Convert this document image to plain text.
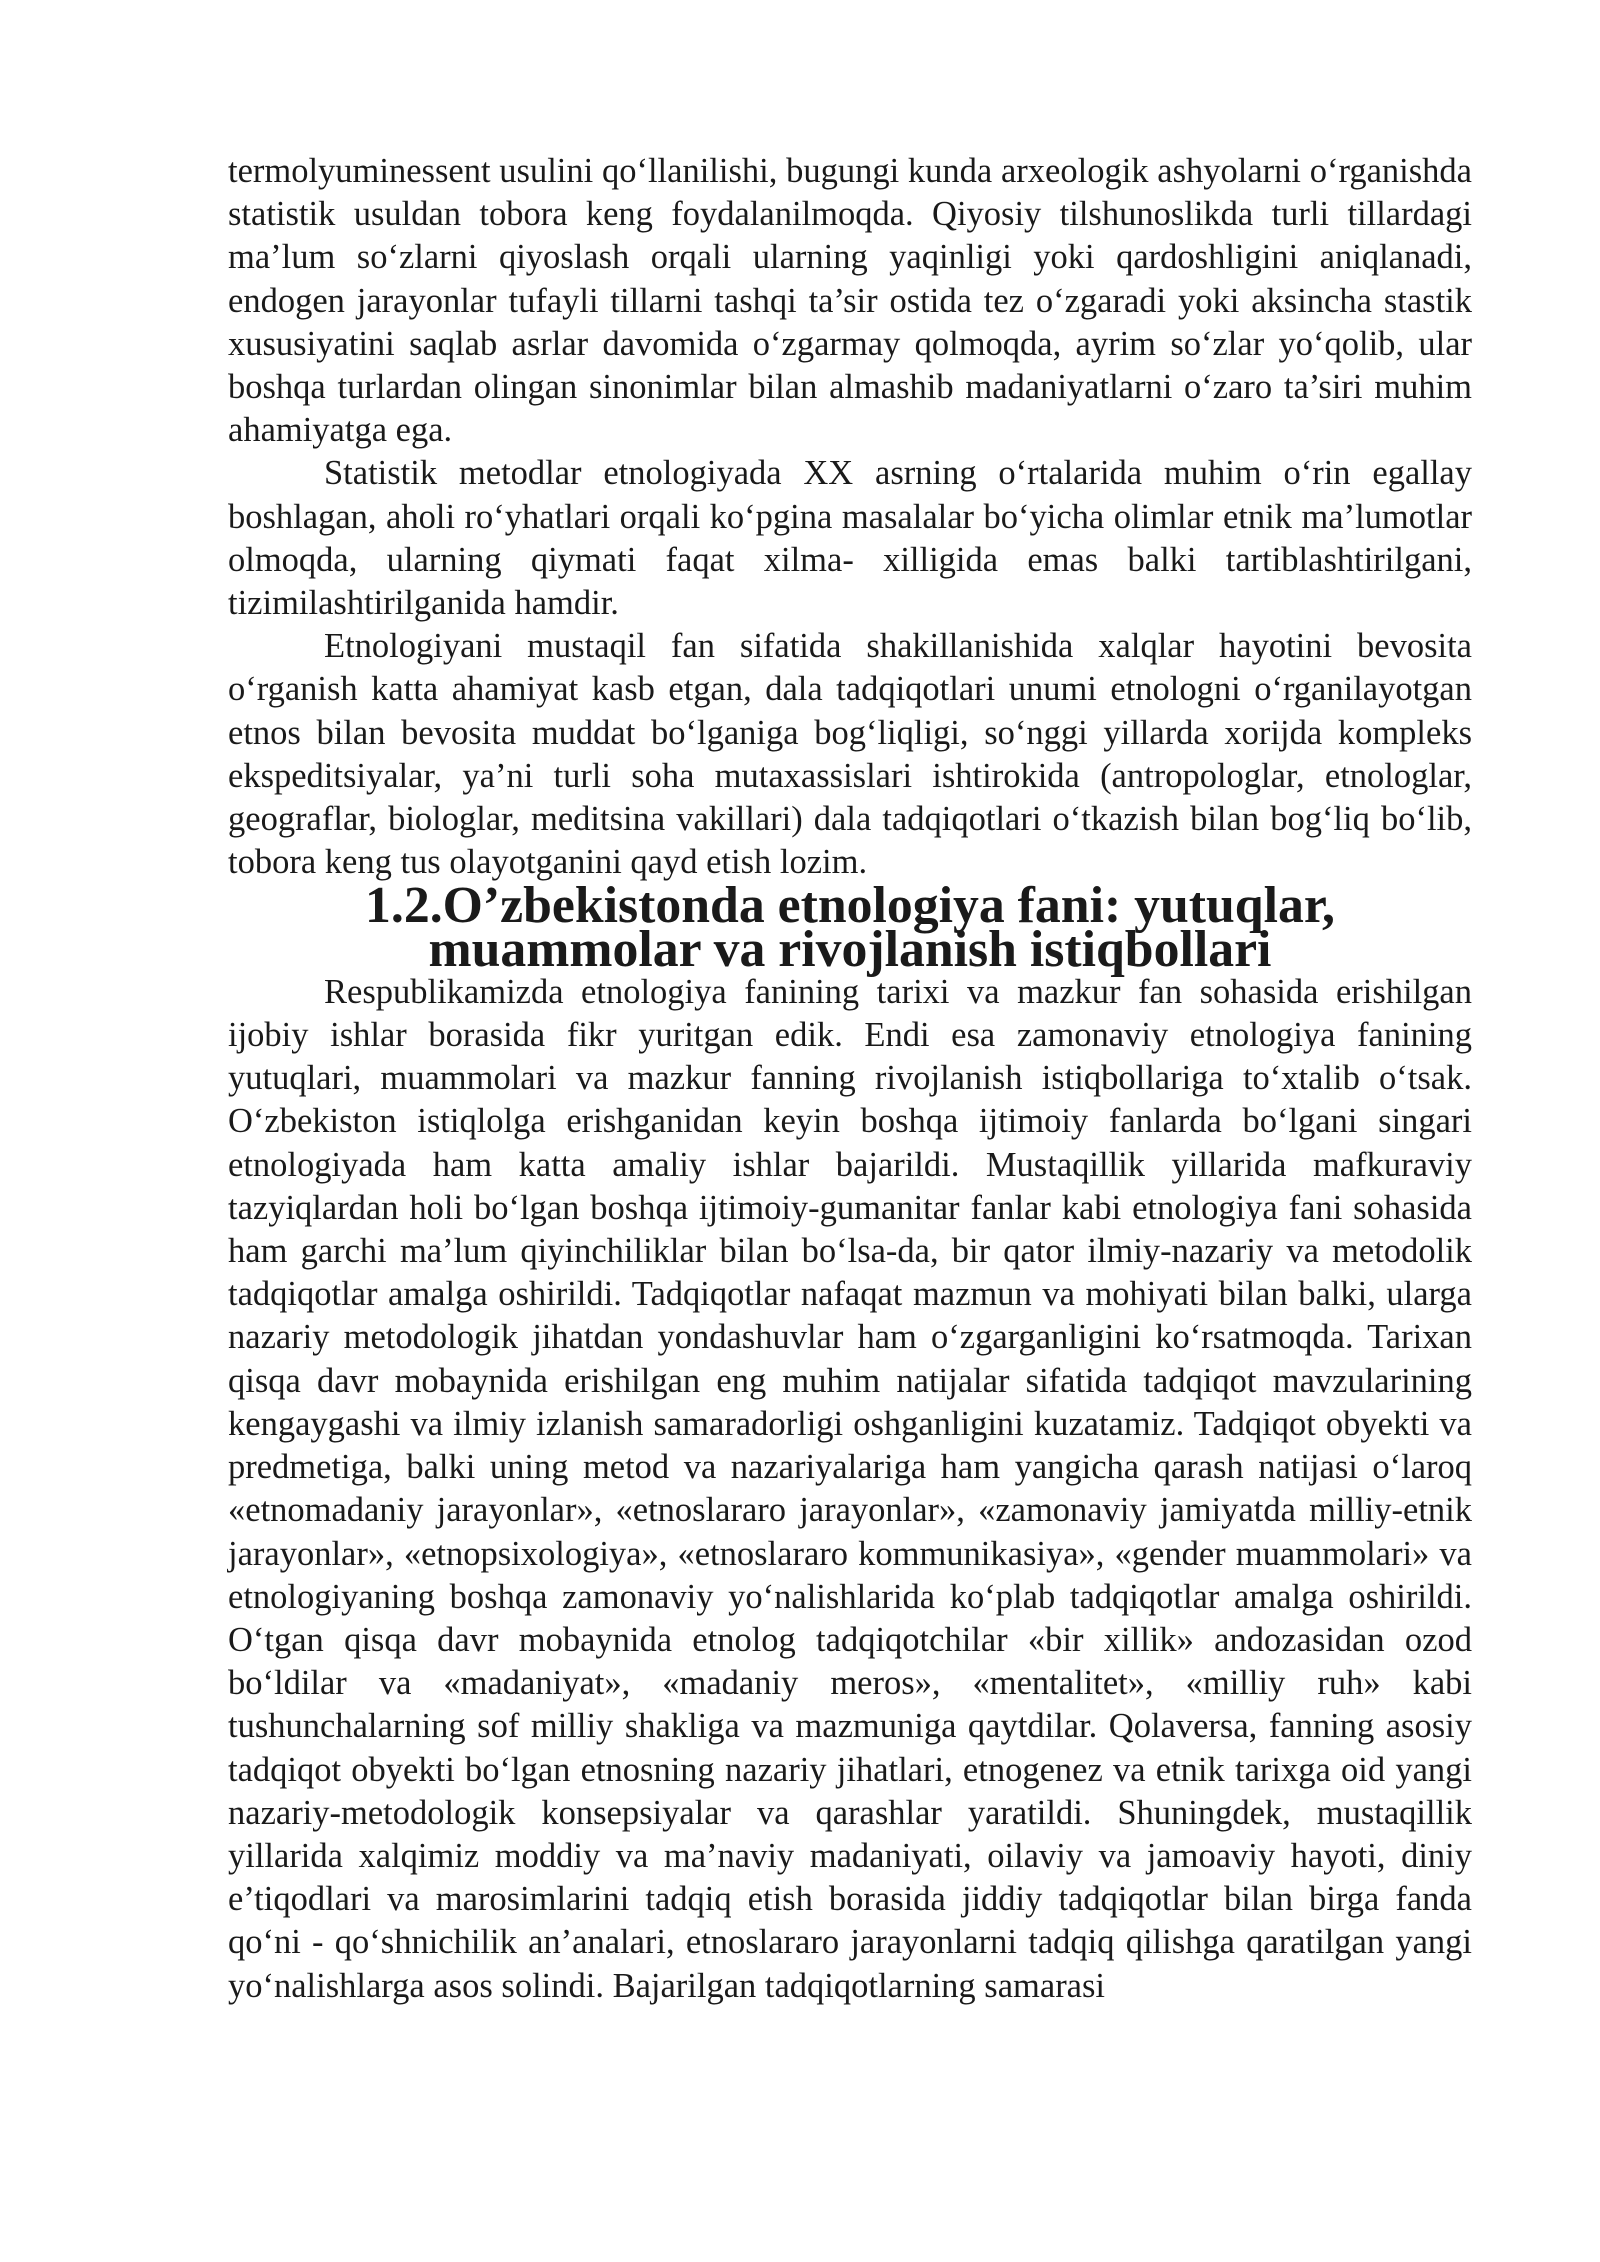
termolyuminessent usulini qo‘llanilishi, bugungi kunda arxeologik ashyolarni o‘rganishda statistik usuldan tobora keng foydalanilmoqda. Qiyosiy tilshunoslikda turli tillardagi ma’lum so‘zlarni qiyoslash orqali ularning yaqinligi yoki qardoshligini aniqlanadi, endogen jarayonlar tufayli tillarni tashqi ta’sir ostida tez o‘zgaradi yoki aksincha stastik xususiyatini saqlab asrlar davomida o‘zgarmay qolmoqda, ayrim so‘zlar yo‘qolib, ular boshqa turlardan olingan sinonimlar bilan almashib madaniyatlarni o‘zaro ta’siri muhim ahamiyatga ega.

Statistik metodlar etnologiyada XX asrning o‘rtalarida muhim o‘rin egallay boshlagan, aholi ro‘yhatlari orqali ko‘pgina masalalar bo‘yicha olimlar etnik ma’lumotlar olmoqda, ularning qiymati faqat xilma- xilligida emas balki tartiblashtirilgani, tizimilashtirilganida hamdir.

Etnologiyani mustaqil fan sifatida shakillanishida xalqlar hayotini bevosita o‘rganish katta ahamiyat kasb etgan, dala tadqiqotlari unumi etnologni o‘rganilayotgan etnos bilan bevosita muddat bo‘lganiga bog‘liqligi, so‘nggi yillarda xorijda kompleks ekspeditsiyalar, ya’ni turli soha mutaxassislari ishtirokida (antropologlar, etnologlar, geograflar, biologlar, meditsina vakillari) dala tadqiqotlari o‘tkazish bilan bog‘liq bo‘lib, tobora keng tus olayotganini qayd etish lozim.

1.2.O’zbekistonda etnologiya fani: yutuqlar, muammolar va rivojlanish istiqbollari

Respublikamizda etnologiya fanining tarixi va mazkur fan sohasida erishilgan ijobiy ishlar borasida fikr yuritgan edik. Endi esa zamonaviy etnologiya fanining yutuqlari, muammolari va mazkur fanning rivojlanish istiqbollariga to‘xtalib o‘tsak. O‘zbekiston istiqlolga erishganidan keyin boshqa ijtimoiy fanlarda bo‘lgani singari etnologiyada ham katta amaliy ishlar bajarildi. Mustaqillik yillarida mafkuraviy tazyiqlardan holi bo‘lgan boshqa ijtimoiy-gumanitar fanlar kabi etnologiya fani sohasida ham garchi ma’lum qiyinchiliklar bilan bo‘lsa-da, bir qator ilmiy-nazariy va metodolik tadqiqotlar amalga oshirildi. Tadqiqotlar nafaqat mazmun va mohiyati bilan balki, ularga nazariy metodologik jihatdan yondashuvlar ham o‘zgarganligini ko‘rsatmoqda. Tarixan qisqa davr mobaynida erishilgan eng muhim natijalar sifatida tadqiqot mavzularining kengaygashi va ilmiy izlanish samaradorligi oshganligini kuzatamiz. Tadqiqot obyekti va predmetiga, balki uning metod va nazariyalariga ham yangicha qarash natijasi o‘laroq «etnomadaniy jarayonlar», «etnoslararo jarayonlar», «zamonaviy jamiyatda milliy-etnik jarayonlar», «etnopsixologiya», «etnoslararo kommunikasiya», «gender muammolari» va etnologiyaning boshqa zamonaviy yo‘nalishlarida ko‘plab tadqiqotlar amalga oshirildi. O‘tgan qisqa davr mobaynida etnolog tadqiqotchilar «bir xillik» andozasidan ozod bo‘ldilar va «madaniyat», «madaniy meros», «mentalitet», «milliy ruh» kabi tushunchalarning sof milliy shakliga va mazmuniga qaytdilar. Qolaversa, fanning asosiy tadqiqot obyekti bo‘lgan etnosning nazariy jihatlari, etnogenez va etnik tarixga oid yangi nazariy-metodologik konsepsiyalar va qarashlar yaratildi. Shuningdek, mustaqillik yillarida xalqimiz moddiy va ma’naviy madaniyati, oilaviy va jamoaviy hayoti, diniy e’tiqodlari va marosimlarini tadqiq etish borasida jiddiy tadqiqotlar bilan birga fanda qo‘ni - qo‘shnichilik an’analari, etnoslararo jarayonlarni tadqiq qilishga qaratilgan yangi yo‘nalishlarga asos solindi. Bajarilgan tadqiqotlarning samarasi
